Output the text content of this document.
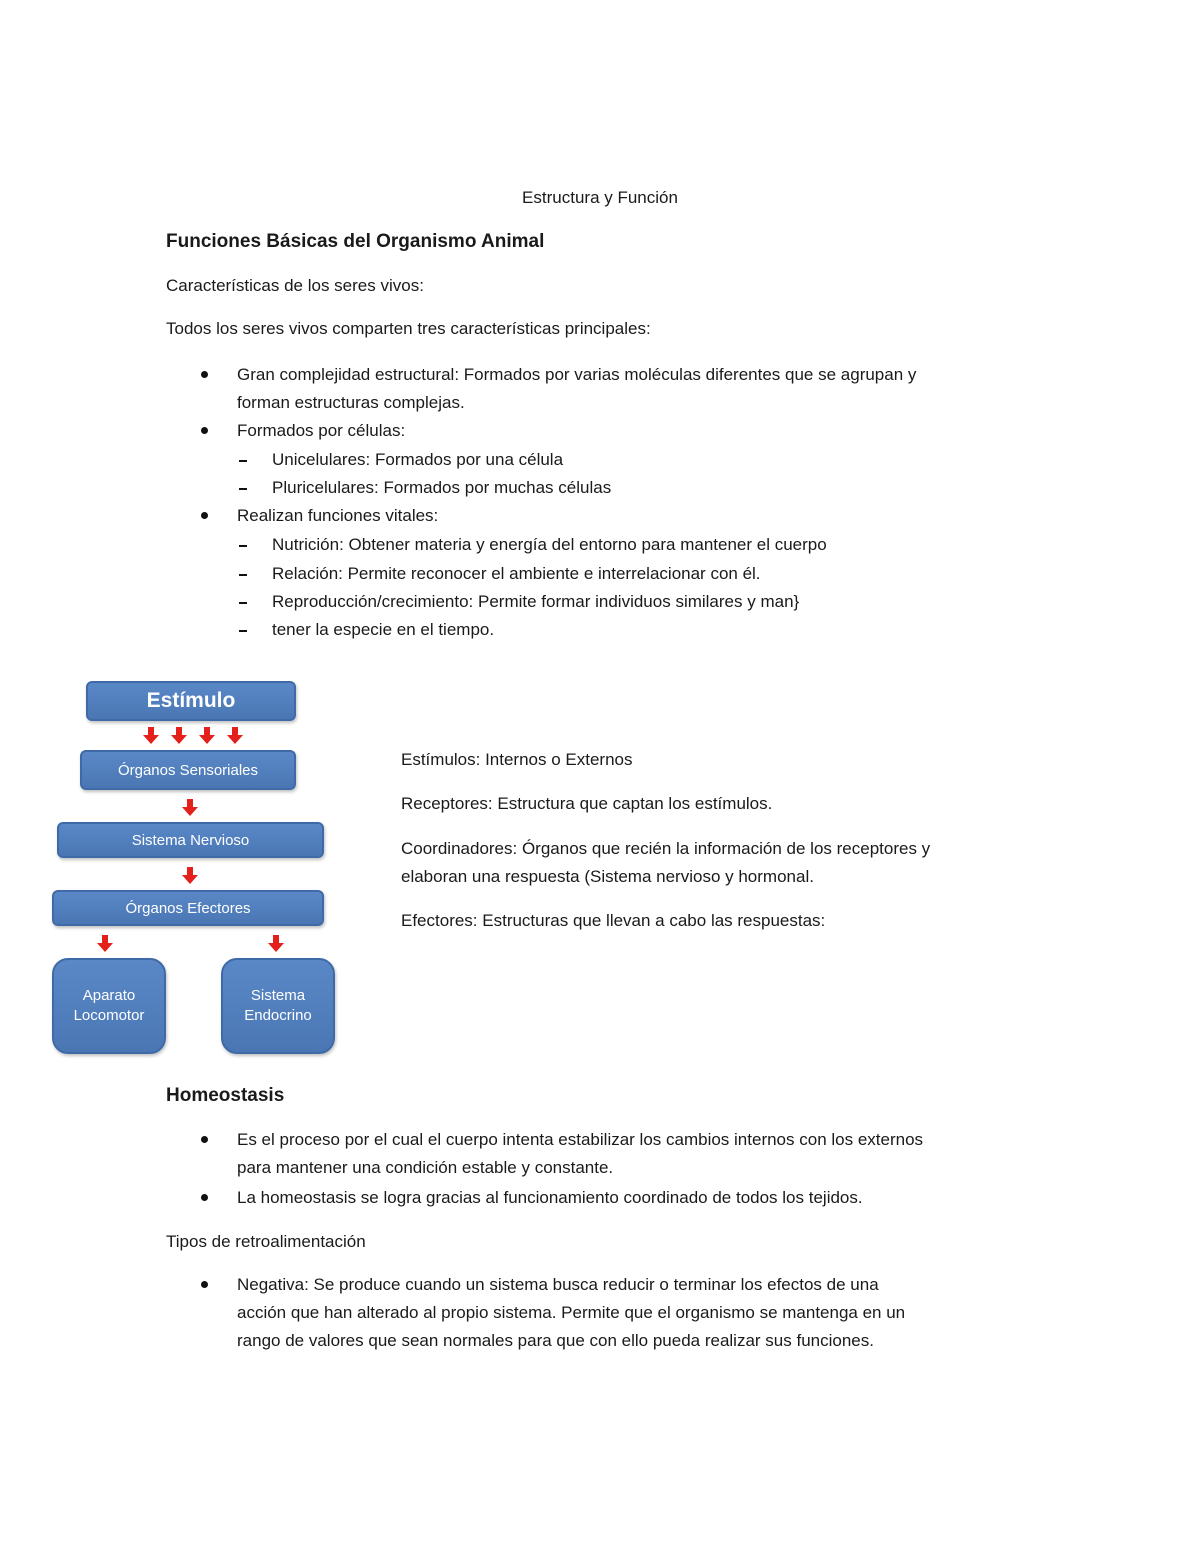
Estructura y Función
Funciones Básicas del Organismo Animal
Características de los seres vivos:
Todos los seres vivos comparten tres características principales:
Gran complejidad estructural: Formados por varias moléculas diferentes que se agrupan y
forman estructuras complejas.
Formados por células:
Unicelulares: Formados por una célula
Pluricelulares: Formados por muchas células
Realizan funciones vitales:
Nutrición: Obtener materia y energía del entorno para mantener el cuerpo
Relación: Permite reconocer el ambiente e interrelacionar con él.
Reproducción/crecimiento: Permite formar individuos similares y man}
tener la especie en el tiempo.
Estímulo
Órganos Sensoriales
Sistema Nervioso
Órganos Efectores
Aparato
Locomotor
Sistema
Endocrino
Estímulos: Internos o Externos
Receptores: Estructura que captan los estímulos.
Coordinadores: Órganos que recién la información de los receptores y
elaboran una respuesta (Sistema nervioso y hormonal.
Efectores: Estructuras que llevan a cabo las respuestas:
Homeostasis
Es el proceso por el cual el cuerpo intenta estabilizar los cambios internos con los externos
para mantener una condición estable y constante.
La homeostasis se logra gracias al funcionamiento coordinado de todos los tejidos.
Tipos de retroalimentación
Negativa: Se produce cuando un sistema busca reducir o terminar los efectos de una
acción que han alterado al propio sistema. Permite que el organismo se mantenga en un
rango de valores que sean normales para que con ello pueda realizar sus funciones.
